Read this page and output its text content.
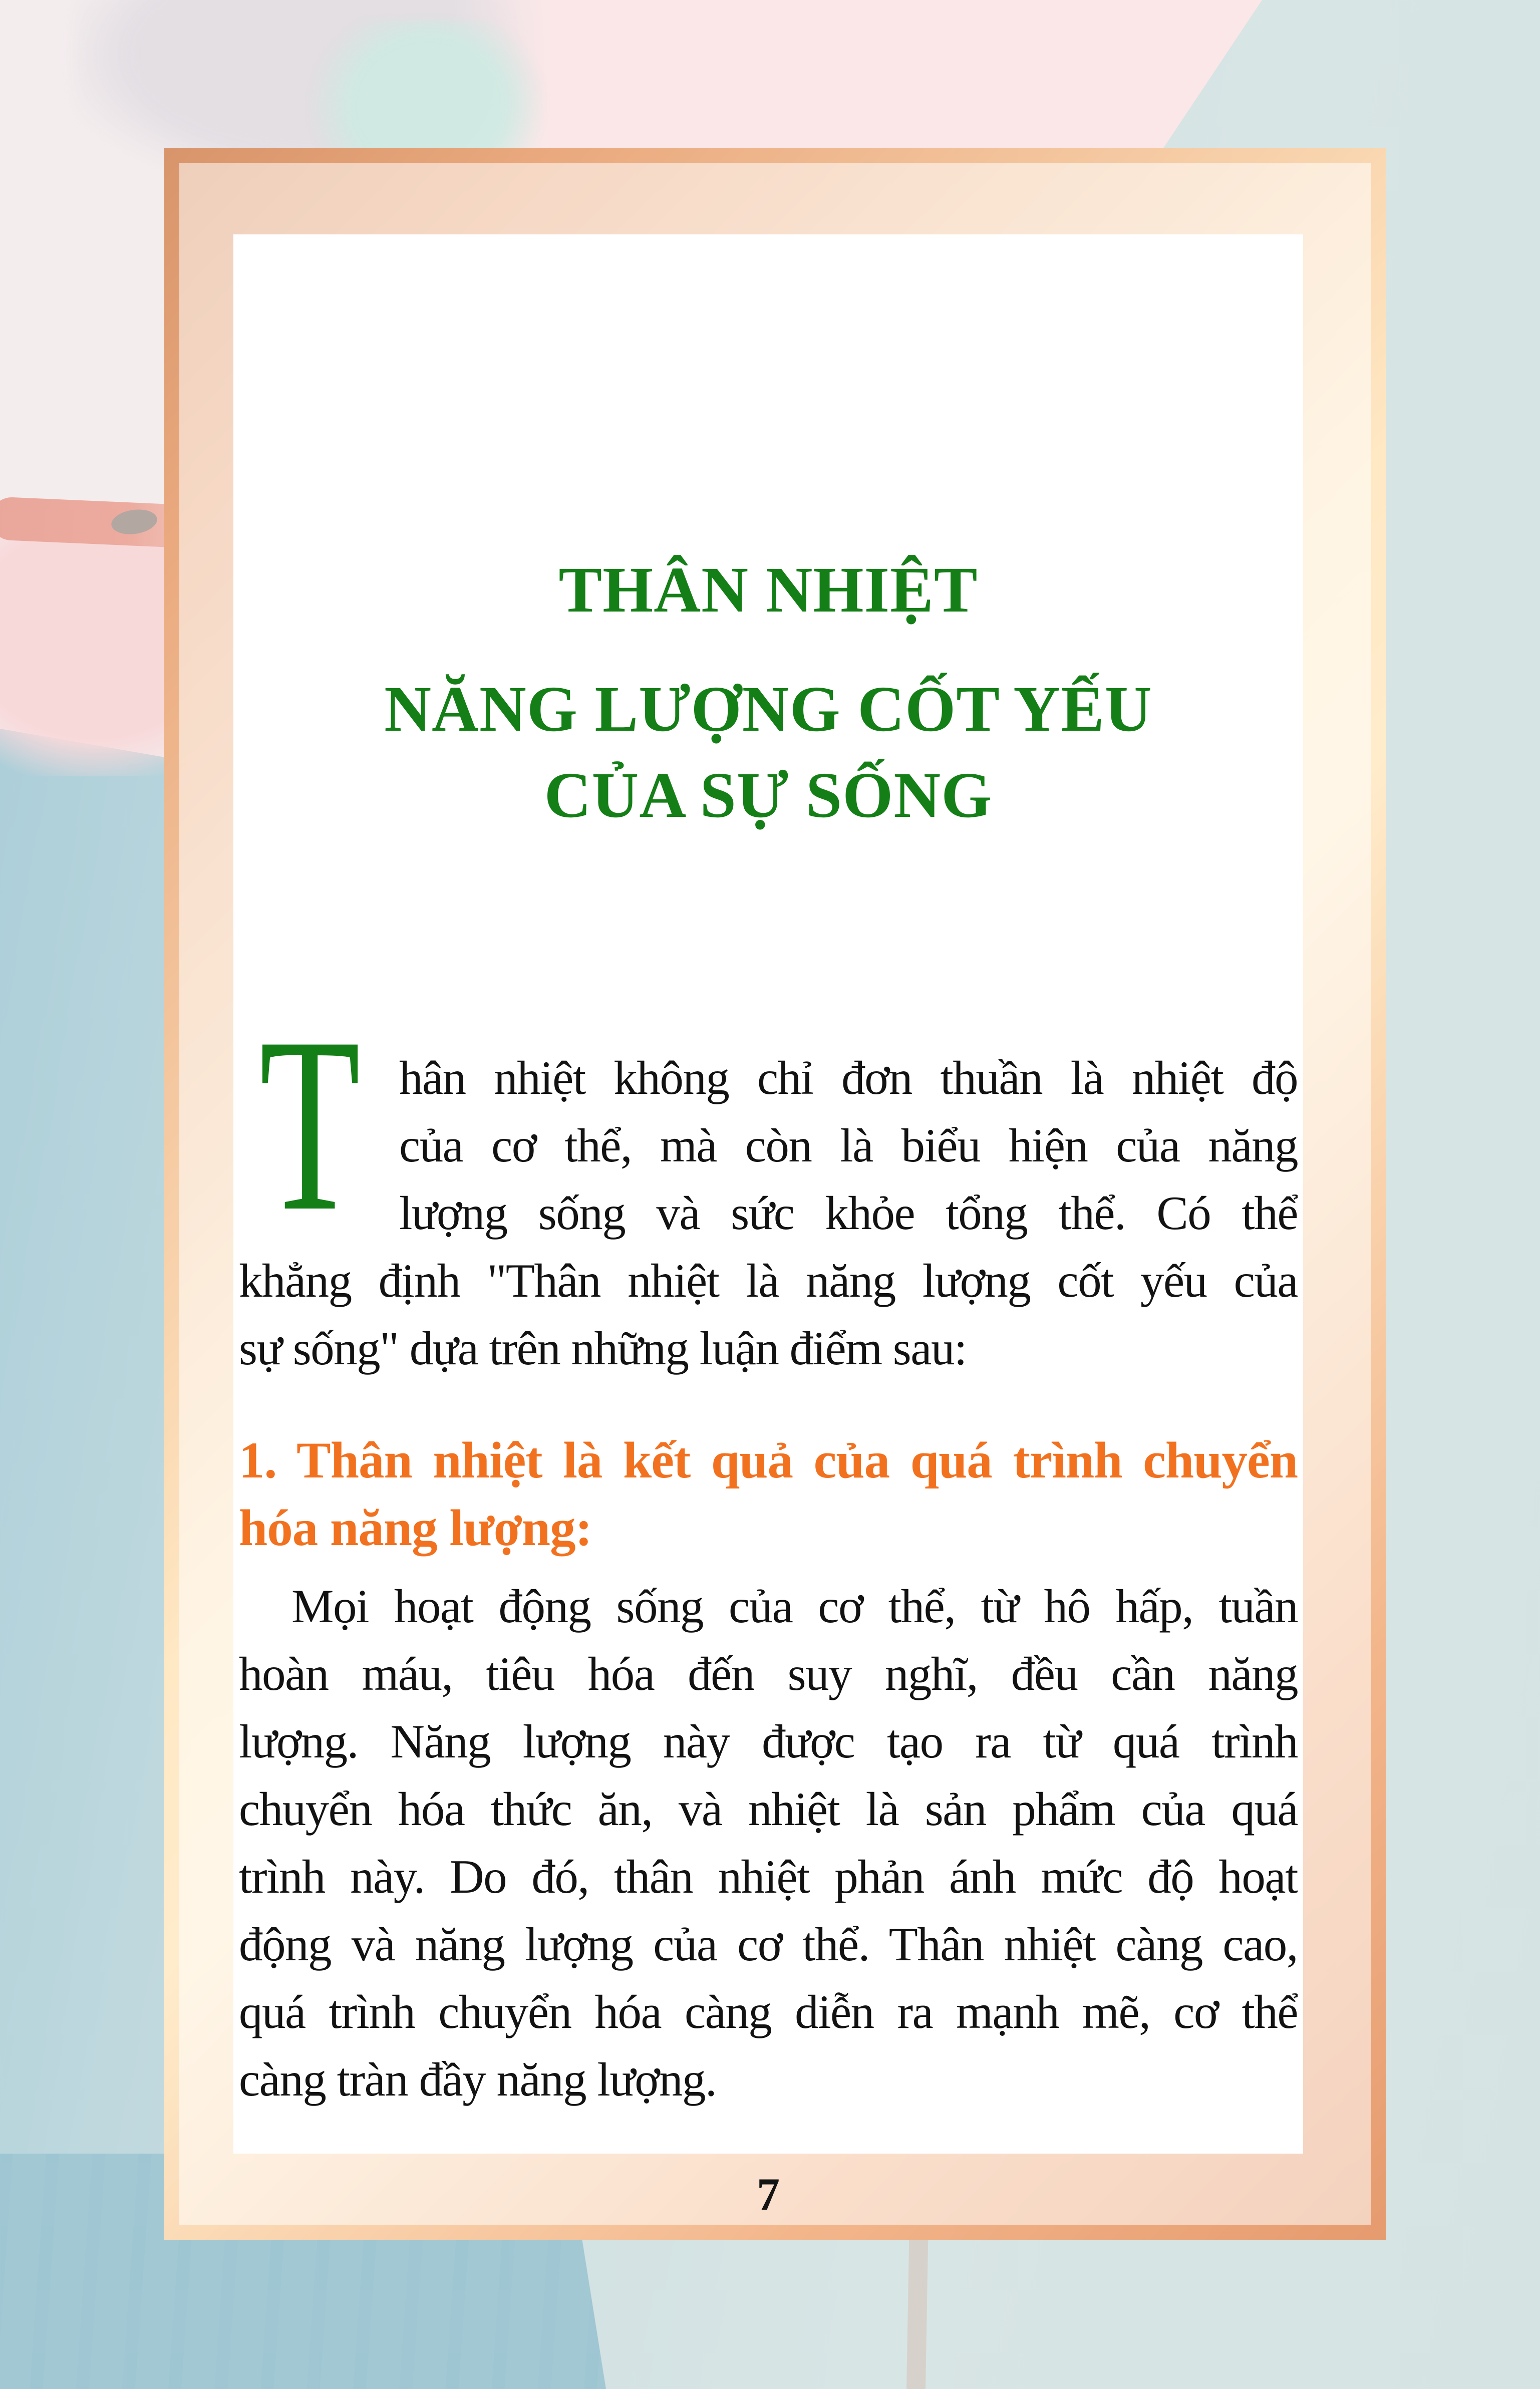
THÂN NHIỆT
NĂNG LƯỢNG CỐT YẾU
CỦA SỰ SỐNG
T hân nhiệt không chỉ đơn thuần là nhiệt độ
của cơ thể, mà còn là biểu hiện của năng
lượng sống và sức khỏe tổng thể. Có thể
khẳng định "Thân nhiệt là năng lượng cốt yếu của
sự sống" dựa trên những luận điểm sau:
1. Thân nhiệt là kết quả của quá trình chuyển
hóa năng lượng:
Mọi hoạt động sống của cơ thể, từ hô hấp, tuần
hoàn máu, tiêu hóa đến suy nghĩ, đều cần năng
lượng. Năng lượng này được tạo ra từ quá trình
chuyển hóa thức ăn, và nhiệt là sản phẩm của quá
trình này. Do đó, thân nhiệt phản ánh mức độ hoạt
động và năng lượng của cơ thể. Thân nhiệt càng cao,
quá trình chuyển hóa càng diễn ra mạnh mẽ, cơ thể
càng tràn đầy năng lượng.
7
